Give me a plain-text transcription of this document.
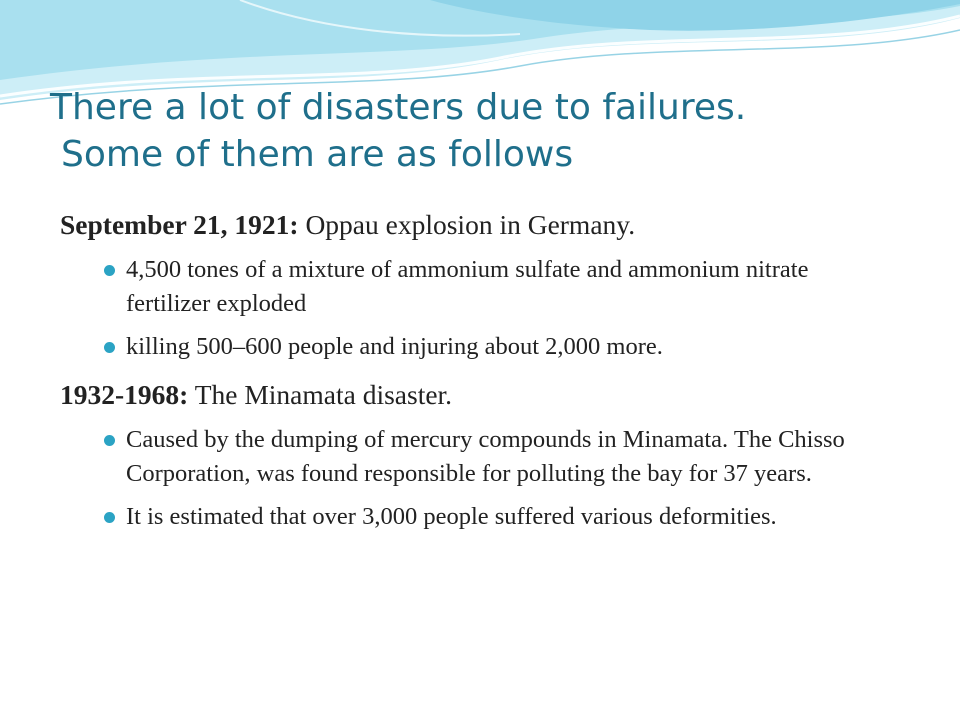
There a lot of disasters due to failures.
Some of them are as follows

September 21, 1921: Oppau explosion in Germany.

4,500 tones of a mixture of ammonium sulfate and ammonium nitrate fertilizer exploded
killing 500–600 people and injuring about 2,000 more.

1932-1968: The Minamata disaster.

Caused by the dumping of mercury compounds in Minamata. The Chisso Corporation, was found responsible for polluting the bay for 37 years.
It is estimated that over 3,000 people suffered various deformities.
